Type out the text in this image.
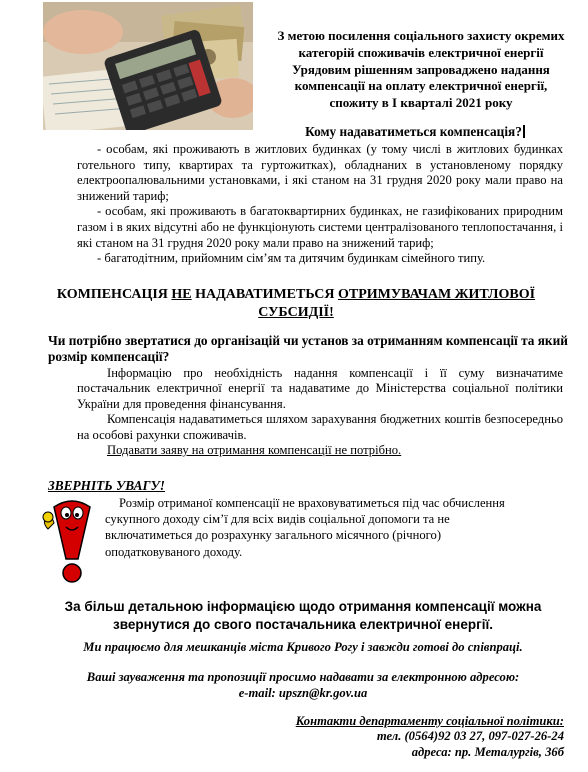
З метою посилення соціального захисту окремих
категорій споживачів електричної енергії
Урядовим рішенням запроваджено надання
компенсації на оплату електричної енергії,
спожиту в І кварталі 2021 року
Кому надаватиметься компенсація?

- особам, які проживають в житлових будинках (у тому числі в житлових будинках готельного типу, квартирах та гуртожитках), обладнаних в установленому порядку електроопалювальними установками, і які станом на 31 грудня 2020 року мали право на знижений тариф;

- особам, які проживають в багатоквартирних будинках, не газифікованих природним газом і в яких відсутні або не функціонують системи централізованого теплопостачання, і які станом на 31 грудня 2020 року мали право на знижений тариф;

- багатодітним, прийомним сім’ям та дитячим будинкам сімейного типу.

КОМПЕНСАЦІЯ НЕ НАДАВАТИМЕТЬСЯ ОТРИМУВАЧАМ ЖИТЛОВОЇ СУБСИДІЇ!
Чи потрібно звертатися до організацій чи установ за отриманням компенсації та який розмір компенсації?

Інформацію про необхідність надання компенсації і її суму визначатиме постачальник електричної енергії та надаватиме до Міністерства соціальної політики України для проведення фінансування.

Компенсація надаватиметься шляхом зарахування бюджетних коштів безпосередньо на особові рахунки споживачів.

Подавати заяву на отримання компенсації не потрібно.

ЗВЕРНІТЬ УВАГУ!

Розмір отриманої компенсації не враховуватиметься під час обчислення

сукупного доходу сім’ї для всіх видів соціальної допомоги та не
включатиметься до розрахунку загального місячного (річного)
оподатковуваного доходу.
За більш детальною інформацією щодо отримання компенсації можна
звернутися до свого постачальника електричної енергії.
Ми працюємо для мешканців міста Кривого Рогу і завжди готові до співпраці.
Ваші зауваження та пропозиції просимо надавати за електронною адресою:
e-mail: upszn@kr.gov.ua
Контакти департаменту соціальної політики:
тел. (0564)92 03 27, 097-027-26-24
адреса: пр. Металургів, 36б
